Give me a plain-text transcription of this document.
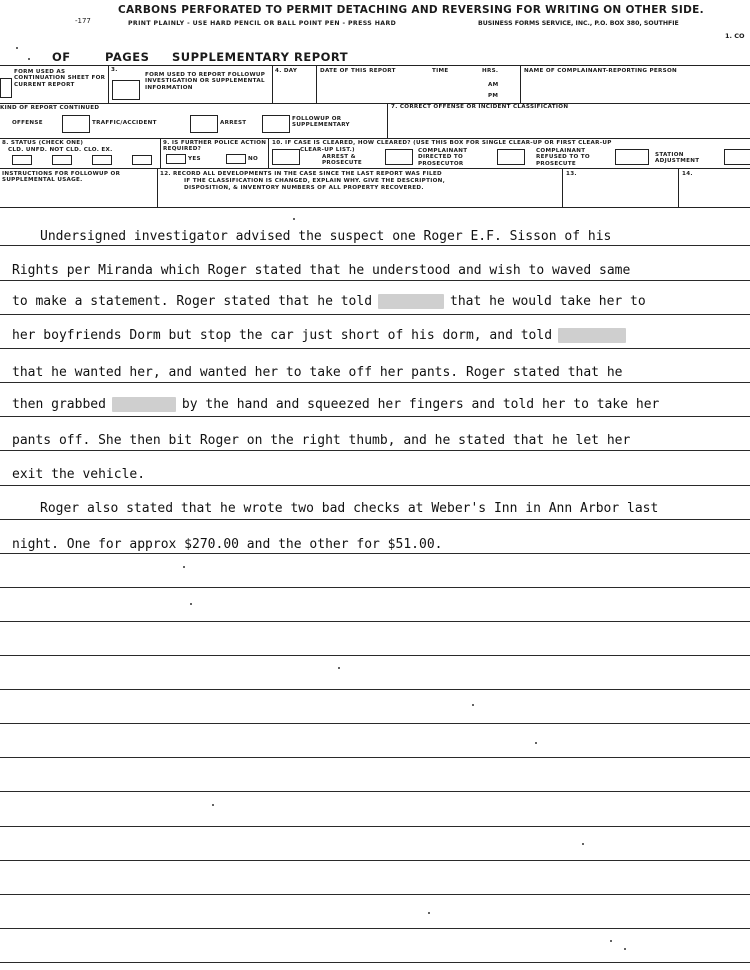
CARBONS PERFORATED TO PERMIT DETACHING AND REVERSING FOR WRITING ON OTHER SIDE.
-177	PRINT PLAINLY - USE HARD PENCIL OR BALL POINT PEN - PRESS HARD	BUSINESS FORMS SERVICE, INC., P.O. BOX 380, SOUTHFIE
1. CO
OF	PAGES SUPPLEMENTARY REPORT
FORM USED AS CONTINUATION SHEET FOR CURRENT REPORT
3.
FORM USED TO REPORT FOLLOWUP INVESTIGATION OR SUPPLEMENTAL INFORMATION
4. DAY	DATE OF THIS REPORT	TIME	HRS.
AM
PM
NAME OF COMPLAINANT-REPORTING PERSON
KIND OF REPORT CONTINUED
OFFENSE	TRAFFIC/ACCIDENT	ARREST
FOLLOWUP OR SUPPLEMENTARY
7. CORRECT OFFENSE OR INCIDENT CLASSIFICATION
8. STATUS (CHECK ONE)
CLD. UNFD. NOT CLD. CLO. EX.
9. IS FURTHER POLICE ACTION REQUIRED?
YES	NO
10. IF CASE IS CLEARED, HOW CLEARED? (USE THIS BOX FOR SINGLE CLEAR-UP OR FIRST CLEAR-UP
CLEAR-UP LIST.)
ARREST & PROSECUTE
COMPLAINANT DIRECTED TO PROSECUTOR
COMPLAINANT REFUSED TO TO PROSECUTE
STATION ADJUSTMENT
INSTRUCTIONS FOR FOLLOWUP OR SUPPLEMENTAL USAGE.
12. RECORD ALL DEVELOPMENTS IN THE CASE SINCE THE LAST REPORT WAS FILED
IF THE CLASSIFICATION IS CHANGED, EXPLAIN WHY. GIVE THE DESCRIPTION,
DISPOSITION, & INVENTORY NUMBERS OF ALL PROPERTY RECOVERED.
13.	14.
Undersigned investigator advised the suspect one Roger E.F. Sisson of his
Rights per Miranda which Roger stated that he understood and wish to waved same
to make a statement. Roger stated that he told	that he would take her to
her boyfriends Dorm but stop the car just short of his dorm, and told
that he wanted her, and wanted her to take off her pants. Roger stated that he
then grabbed	by the hand and squeezed her fingers and told her to take her
pants off. She then bit Roger on the right thumb, and he stated that he let her
exit the vehicle.
Roger also stated that he wrote two bad checks at Weber's Inn in Ann Arbor last
night. One for approx $270.00 and the other for $51.00.
